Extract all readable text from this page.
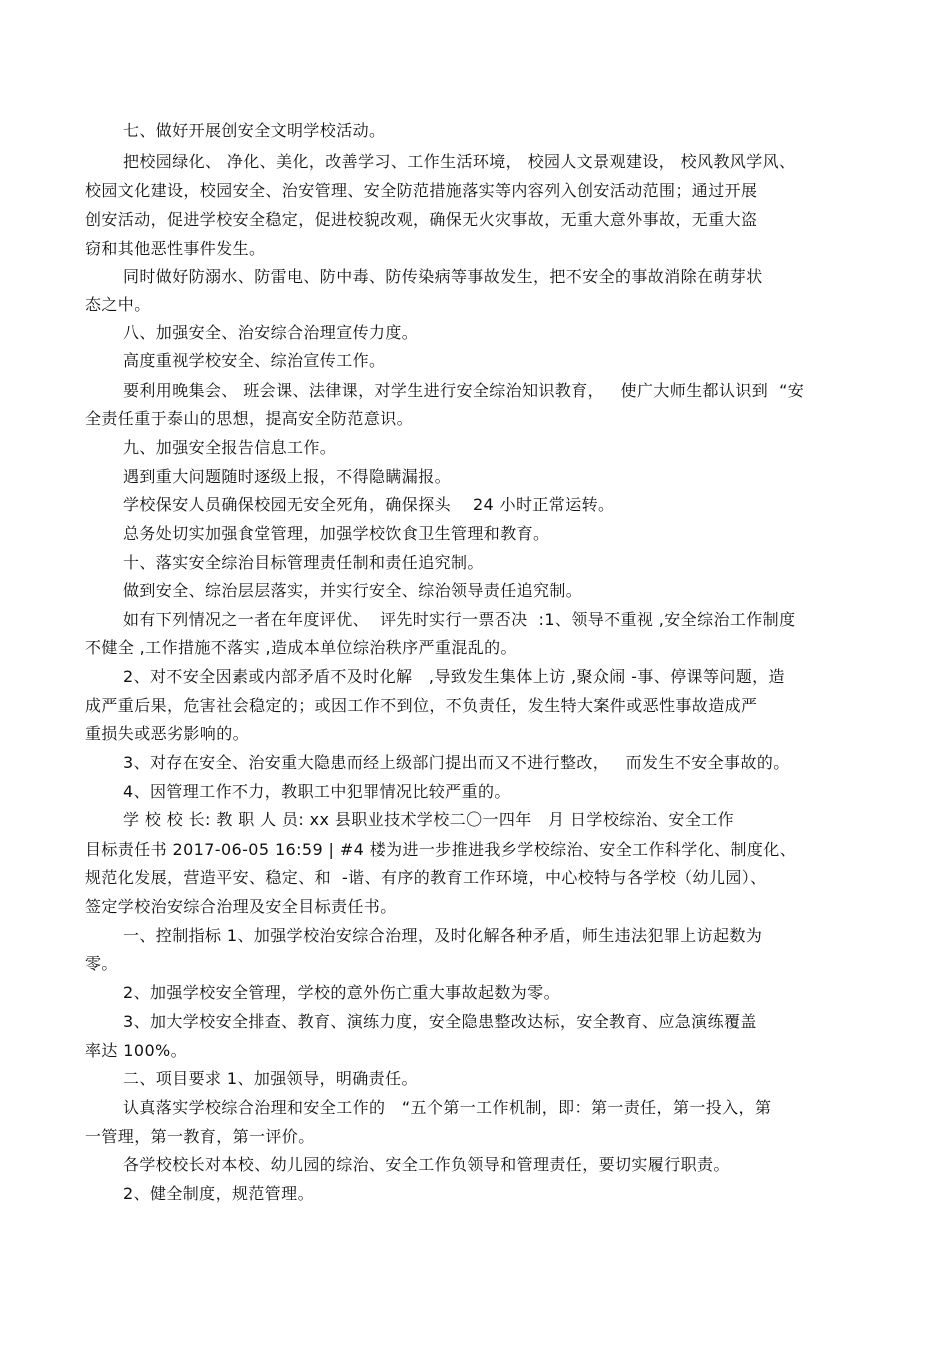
七、做好开展创安全文明学校活动。
把校园绿化、 净化、美化，改善学习、工作生活环境， 校园人文景观建设， 校风教风学风、
校园文化建设，校园安全、治安管理、安全防范措施落实等内容列入创安活动范围；通过开展
创安活动，促进学校安全稳定，促进校貌改观，确保无火灾事故，无重大意外事故，无重大盗
窃和其他恶性事件发生。
同时做好防溺水、防雷电、防中毒、防传染病等事故发生，把不安全的事故消除在萌芽状
态之中。
八、加强安全、治安综合治理宣传力度。
高度重视学校安全、综治宣传工作。
要利用晚集会、 班会课、法律课，对学生进行安全综治知识教育，   使广大师生都认识到  “安
全责任重于泰山的思想，提高安全防范意识。
九、加强安全报告信息工作。
遇到重大问题随时逐级上报，不得隐瞒漏报。
学校保安人员确保校园无安全死角，确保探头    24 小时正常运转。
总务处切实加强食堂管理，加强学校饮食卫生管理和教育。
十、落实安全综治目标管理责任制和责任追究制。
做到安全、综治层层落实，并实行安全、综治领导责任追究制。
如有下列情况之一者在年度评优、  评先时实行一票否决  :1、领导不重视 ,安全综治工作制度
不健全 ,工作措施不落实 ,造成本单位综治秩序严重混乱的。
2、对不安全因素或内部矛盾不及时化解   ,导致发生集体上访 ,聚众闹 -事、停课等问题，造
成严重后果，危害社会稳定的；或因工作不到位，不负责任，发生特大案件或恶性事故造成严
重损失或恶劣影响的。
3、对存在安全、治安重大隐患而经上级部门提出而又不进行整改，   而发生不安全事故的。
4、因管理工作不力，教职工中犯罪情况比较严重的。
学 校 校 长: 教 职 人 员: xx 县职业技术学校二〇一四年   月 日学校综治、安全工作
目标责任书 2017-06-05 16:59 | #4 楼为进一步推进我乡学校综治、安全工作科学化、制度化、
规范化发展，营造平安、稳定、和  -谐、有序的教育工作环境，中心校特与各学校（幼儿园）、
签定学校治安综合治理及安全目标责任书。
一、控制指标 1、加强学校治安综合治理，及时化解各种矛盾，师生违法犯罪上访起数为
零。
2、加强学校安全管理，学校的意外伤亡重大事故起数为零。
3、加大学校安全排查、教育、演练力度，安全隐患整改达标，安全教育、应急演练覆盖
率达 100%。
二、项目要求 1、加强领导，明确责任。
认真落实学校综合治理和安全工作的   “五个第一工作机制，即：第一责任，第一投入，第
一管理，第一教育，第一评价。
各学校校长对本校、幼儿园的综治、安全工作负领导和管理责任，要切实履行职责。
2、健全制度，规范管理。
